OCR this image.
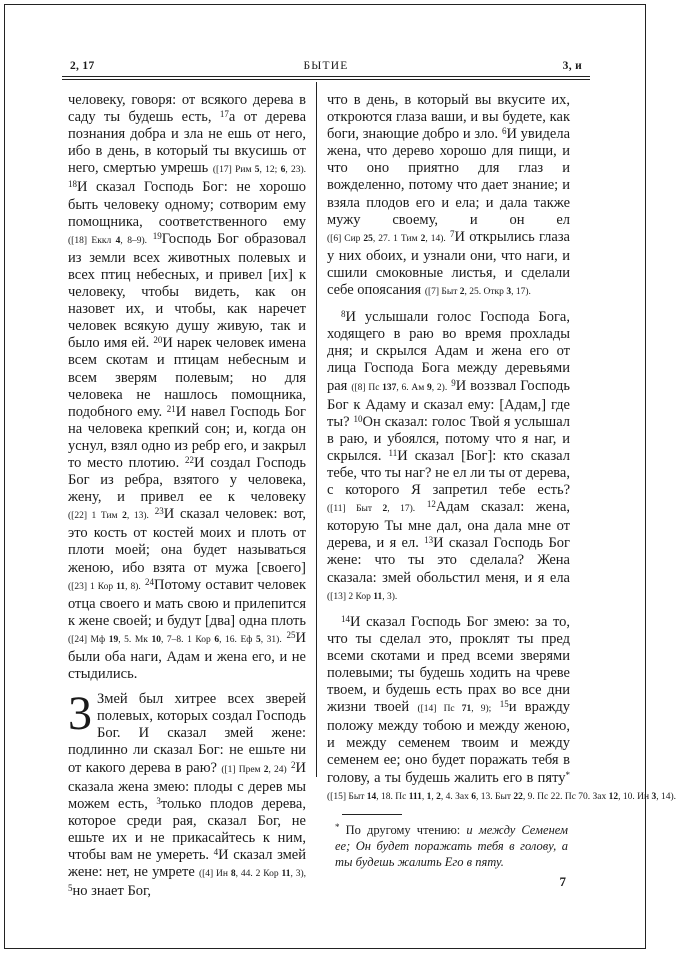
2, 17	БЫТИЕ	3, и

человеку, говоря: от всякого дерева в саду ты будешь есть, $^{17}$а от дерева познания добра и зла не ешь от него, ибо в день, в который ты вкусишь от него, смертью умрешь ([17] Рим 5, 12; 6, 23). $^{18}$И сказал Господь Бог: не хорошо быть человеку одному; сотворим ему помощника, соответственного ему ([18] Еккл 4, 8–9). $^{19}$Господь Бог образовал из земли всех животных полевых и всех птиц небесных, и привел [их] к человеку, чтобы видеть, как он назовет их, и чтобы, как наречет человек всякую душу живую, так и было имя ей. $^{20}$И нарек человек имена всем скотам и птицам небесным и всем зверям полевым; но для человека не нашлось помощника, подобного ему. $^{21}$И навел Господь Бог на человека крепкий сон; и, когда он уснул, взял одно из ребр его, и закрыл то место плотию. $^{22}$И создал Господь Бог из ребра, взятого у человека, жену, и привел ее к человеку ([22] 1 Тим 2, 13). $^{23}$И сказал человек: вот, это кость от костей моих и плоть от плоти моей; она будет называться женою, ибо взята от мужа [своего] ([23] 1 Кор 11, 8). $^{24}$Потому оставит человек отца своего и мать свою и прилепится к жене своей; и будут [два] одна плоть ([24] Мф 19, 5. Мк 10, 7–8. 1 Кор 6, 16. Еф 5, 31). $^{25}$И были оба наги, Адам и жена его, и не стыдились.

3 Змей был хитрее всех зверей полевых, которых создал Господь Бог. И сказал змей жене: подлинно ли сказал Бог: не ешьте ни от какого дерева в раю? ([1] Прем 2, 24) $^2$И сказала жена змею: плоды с дерев мы можем есть, $^3$только плодов дерева, которое среди рая, сказал Бог, не ешьте их и не прикасайтесь к ним, чтобы вам не умереть. $^4$И сказал змей жене: нет, не умрете ([4] Ин 8, 44. 2 Кор 11, 3), $^5$но знает Бог,

что в день, в который вы вкусите их, откроются глаза ваши, и вы будете, как боги, знающие добро и зло. $^6$И увидела жена, что дерево хорошо для пищи, и что оно приятно для глаз и вожделенно, потому что дает знание; и взяла плодов его и ела; и дала также мужу своему, и он ел ([6] Сир 25, 27. 1 Тим 2, 14). $^7$И открылись глаза у них обоих, и узнали они, что наги, и сшили смоковные листья, и сделали себе опоясания ([7] Быт 2, 25. Откр 3, 17).

$^8$И услышали голос Господа Бога, ходящего в раю во время прохлады дня; и скрылся Адам и жена его от лица Господа Бога между деревьями рая ([8] Пс 137, 6. Ам 9, 2). $^9$И воззвал Господь Бог к Адаму и сказал ему: [Адам,] где ты? $^{10}$Он сказал: голос Твой я услышал в раю, и убоялся, потому что я наг, и скрылся. $^{11}$И сказал [Бог]: кто сказал тебе, что ты наг? не ел ли ты от дерева, с которого Я запретил тебе есть? ([11] Быт 2, 17). $^{12}$Адам сказал: жена, которую Ты мне дал, она дала мне от дерева, и я ел. $^{13}$И сказал Господь Бог жене: что ты это сделала? Жена сказала: змей обольстил меня, и я ела ([13] 2 Кор 11, 3).

$^{14}$И сказал Господь Бог змею: за то, что ты сделал это, проклят ты пред всеми скотами и пред всеми зверями полевыми; ты будешь ходить на чреве твоем, и будешь есть прах во все дни жизни твоей ([14] Пс 71, 9); $^{15}$и вражду положу между тобою и между женою, и между семенем твоим и между семенем ее; оно будет поражать тебя в голову, а ты будешь жалить его в пяту* ([15] Быт 14, 18. Пс 111, 1, 2, 4. Зах 6, 13. Быт 22, 9. Пс 22. Пс 70. Зах 12, 10. Ин 3, 14).

* По другому чтению: и между Семенем ее; Он будет поражать тебя в голову, а ты будешь жалить Его в пяту.
7
